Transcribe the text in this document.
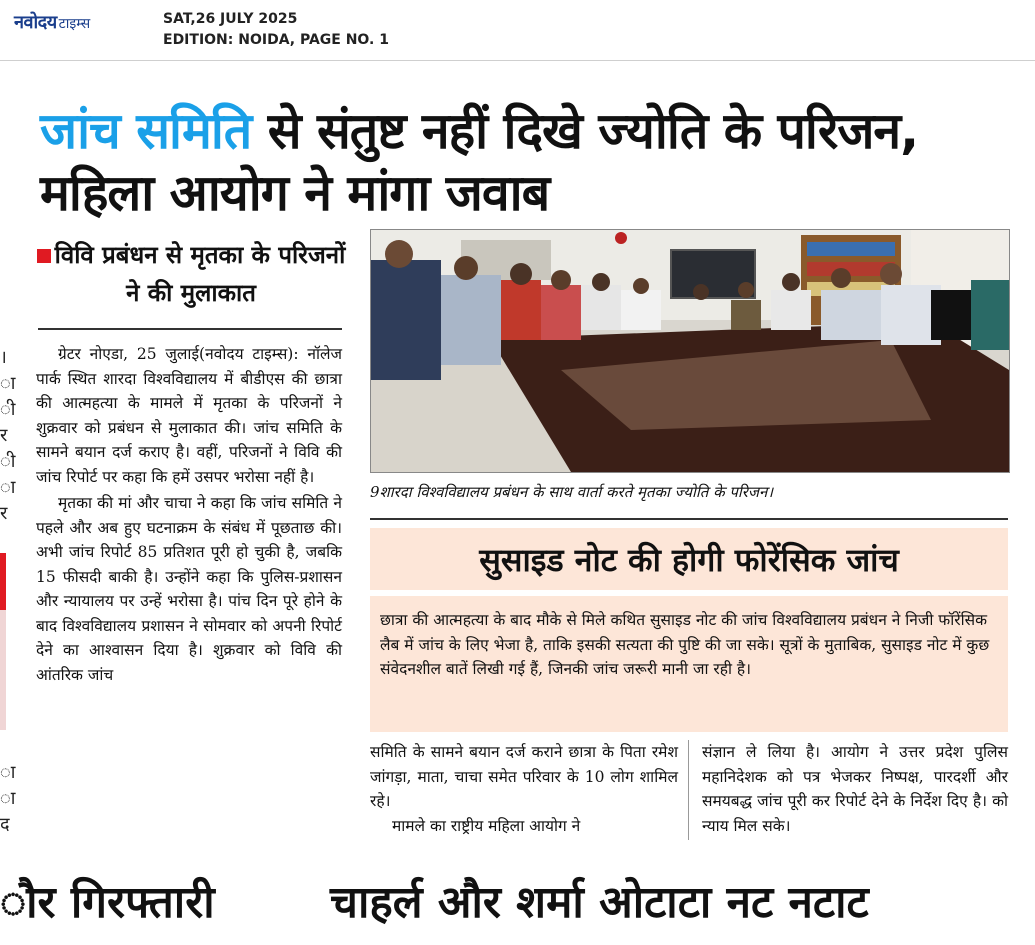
नवोदय टाइम्स	SAT,26 JULY 2025
EDITION: NOIDA, PAGE NO. 1
जांच समिति से संतुष्ट नहीं दिखे ज्योति के परिजन, महिला आयोग ने मांगा जवाब
।
ा
ी
र
ी
ा
र
ा
ा
द
विवि प्रबंधन से मृतका के परिजनों ने की मुलाकात

ग्रेटर नोएडा, 25 जुलाई(नवोदय टाइम्स): नॉलेज पार्क स्थित शारदा विश्वविद्यालय में बीडीएस की छात्रा की आत्महत्या के मामले में मृतका के परिजनों ने शुक्रवार को प्रबंधन से मुलाकात की। जांच समिति के सामने बयान दर्ज कराए है। वहीं, परिजनों ने विवि की जांच रिपोर्ट पर कहा कि हमें उसपर भरोसा नहीं है।

मृतका की मां और चाचा ने कहा कि जांच समिति ने पहले और अब हुए घटनाक्रम के संबंध में पूछताछ की। अभी जांच रिपोर्ट 85 प्रतिशत पूरी हो चुकी है, जबकि 15 फीसदी बाकी है। उन्होंने कहा कि पुलिस-प्रशासन और न्यायालय पर उन्हें भरोसा है। पांच दिन पूरे होने के बाद विश्वविद्यालय प्रशासन ने सोमवार को अपनी रिपोर्ट देने का आश्वासन दिया है। शुक्रवार को विवि की आंतरिक जांच

9शारदा विश्वविद्यालय प्रबंधन के साथ वार्ता करते मृतका ज्योति के परिजन।
सुसाइड नोट की होगी फोरेंसिक जांच
छात्रा की आत्महत्या के बाद मौके से मिले कथित सुसाइड नोट की जांच विश्वविद्यालय प्रबंधन ने निजी फॉरेंसिक लैब में जांच के लिए भेजा है, ताकि इसकी सत्यता की पुष्टि की जा सके। सूत्रों के मुताबिक, सुसाइड नोट में कुछ संवेदनशील बातें लिखी गई हैं, जिनकी जांच जरूरी मानी जा रही है।

समिति के सामने बयान दर्ज कराने छात्रा के पिता रमेश जांगड़ा, माता, चाचा समेत परिवार के 10 लोग शामिल रहे।

मामले का राष्ट्रीय महिला आयोग ने

संज्ञान ले लिया है। आयोग ने उत्तर प्रदेश पुलिस महानिदेशक को पत्र भेजकर निष्पक्ष, पारदर्शी और समयबद्ध जांच पूरी कर रिपोर्ट देने के निर्देश दिए है। को न्याय मिल सके।
ौर गिरफ्तारी	चाहर्ल और शर्मा ओटाटा नट नटाट
